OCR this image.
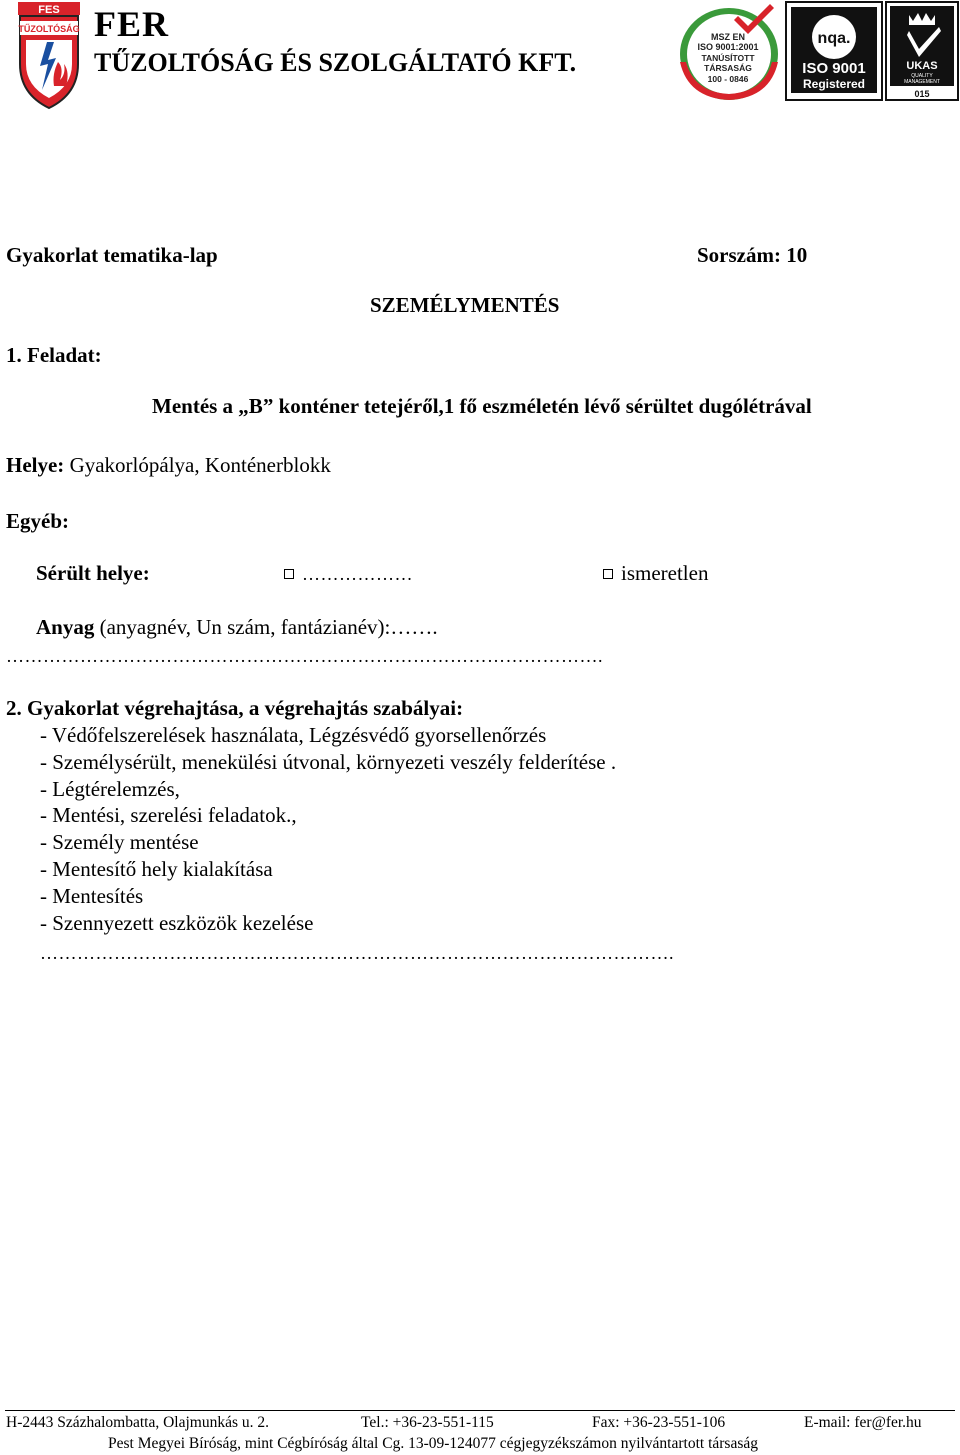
FES
TŰZOLTÓSÁG FER
TŰZOLTÓSÁG ÉS SZOLGÁLTATÓ KFT.
MSZ EN
ISO 9001:2001
TANÚSÍTOTT
TÁRSASÁG
100 - 0846
nqa.
ISO 9001
Registered
UKAS
QUALITY
MANAGEMENT
015
Gyakorlat tematika-lap	Sorszám: 10
SZEMÉLYMENTÉS
1. Feladat:
Mentés a „B” konténer tetejéről,1 fő eszméletén lévő sérültet dugólétrával
Helye: Gyakorlópálya, Konténerblokk
Egyéb:
Sérült helye:	………………	ismeretlen
Anyag (anyagnév, Un szám, fantázianév):…….
…………………………………………………………………………………….
2. Gyakorlat végrehajtása, a végrehajtás szabályai:
- Védőfelszerelések használata, Légzésvédő gyorsellenőrzés
- Személysérült, menekülési útvonal, környezeti veszély felderítése .
- Légtérelemzés,
- Mentési, szerelési feladatok.,
- Személy mentése
- Mentesítő hely kialakítása
- Mentesítés
- Szennyezett eszközök kezelése
………………………………………………………………………………………….
H-2443 Százhalombatta, Olajmunkás u. 2.	Tel.: +36-23-551-115	Fax: +36-23-551-106	E-mail: fer@fer.hu
Pest Megyei Bíróság, mint Cégbíróság által Cg. 13-09-124077 cégjegyzékszámon nyilvántartott társaság
